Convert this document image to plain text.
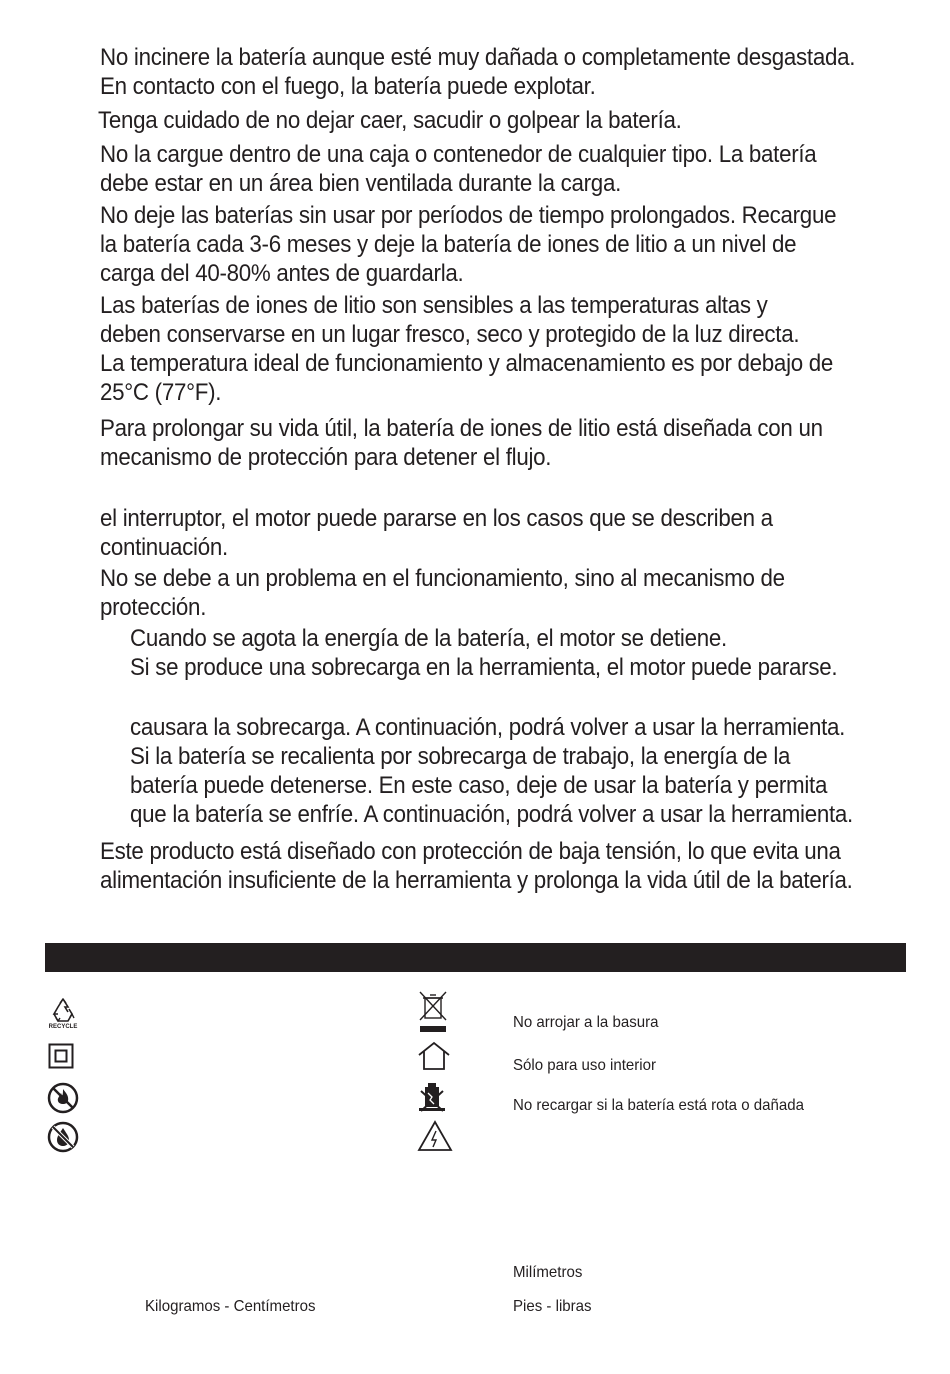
No incinere la batería aunque esté muy dañada o completamente desgastada.
En contacto con el fuego, la batería puede explotar.
Tenga cuidado de no dejar caer, sacudir o golpear la batería.
No la cargue dentro de una caja o contenedor de cualquier tipo. La batería
debe estar en un área bien ventilada durante la carga.
No deje las baterías sin usar por períodos de tiempo prolongados. Recargue
la batería cada 3-6 meses y deje la batería de iones de litio a un nivel de
carga del 40-80% antes de guardarla.
Las baterías de iones de litio son sensibles a las temperaturas altas y
deben conservarse en un lugar fresco, seco y protegido de la luz directa.
La temperatura ideal de funcionamiento y almacenamiento es por debajo de
25°C (77°F).
Para prolongar su vida útil, la batería de iones de litio está diseñada con un
mecanismo de protección para detener el flujo.
el interruptor, el motor puede pararse en los casos que se describen a
continuación.
No se debe a un problema en el funcionamiento, sino al mecanismo de
protección.
Cuando se agota la energía de la batería, el motor se detiene.
Si se produce una sobrecarga en la herramienta, el motor puede pararse.
causara la sobrecarga. A continuación, podrá volver a usar la herramienta.
Si la batería se recalienta por sobrecarga de trabajo, la energía de la
batería puede detenerse. En este caso, deje de usar la batería y permita
que la batería se enfríe. A continuación, podrá volver a usar la herramienta.
Este producto está diseñado con protección de baja tensión, lo que evita una
alimentación insuficiente de la herramienta y prolonga la vida útil de la batería.
RECYCLE	No arrojar a la basura
Sólo para uso interior
No recargar si la batería está rota o dañada
Milímetros
Kilogramos - Centímetros	Pies - libras
